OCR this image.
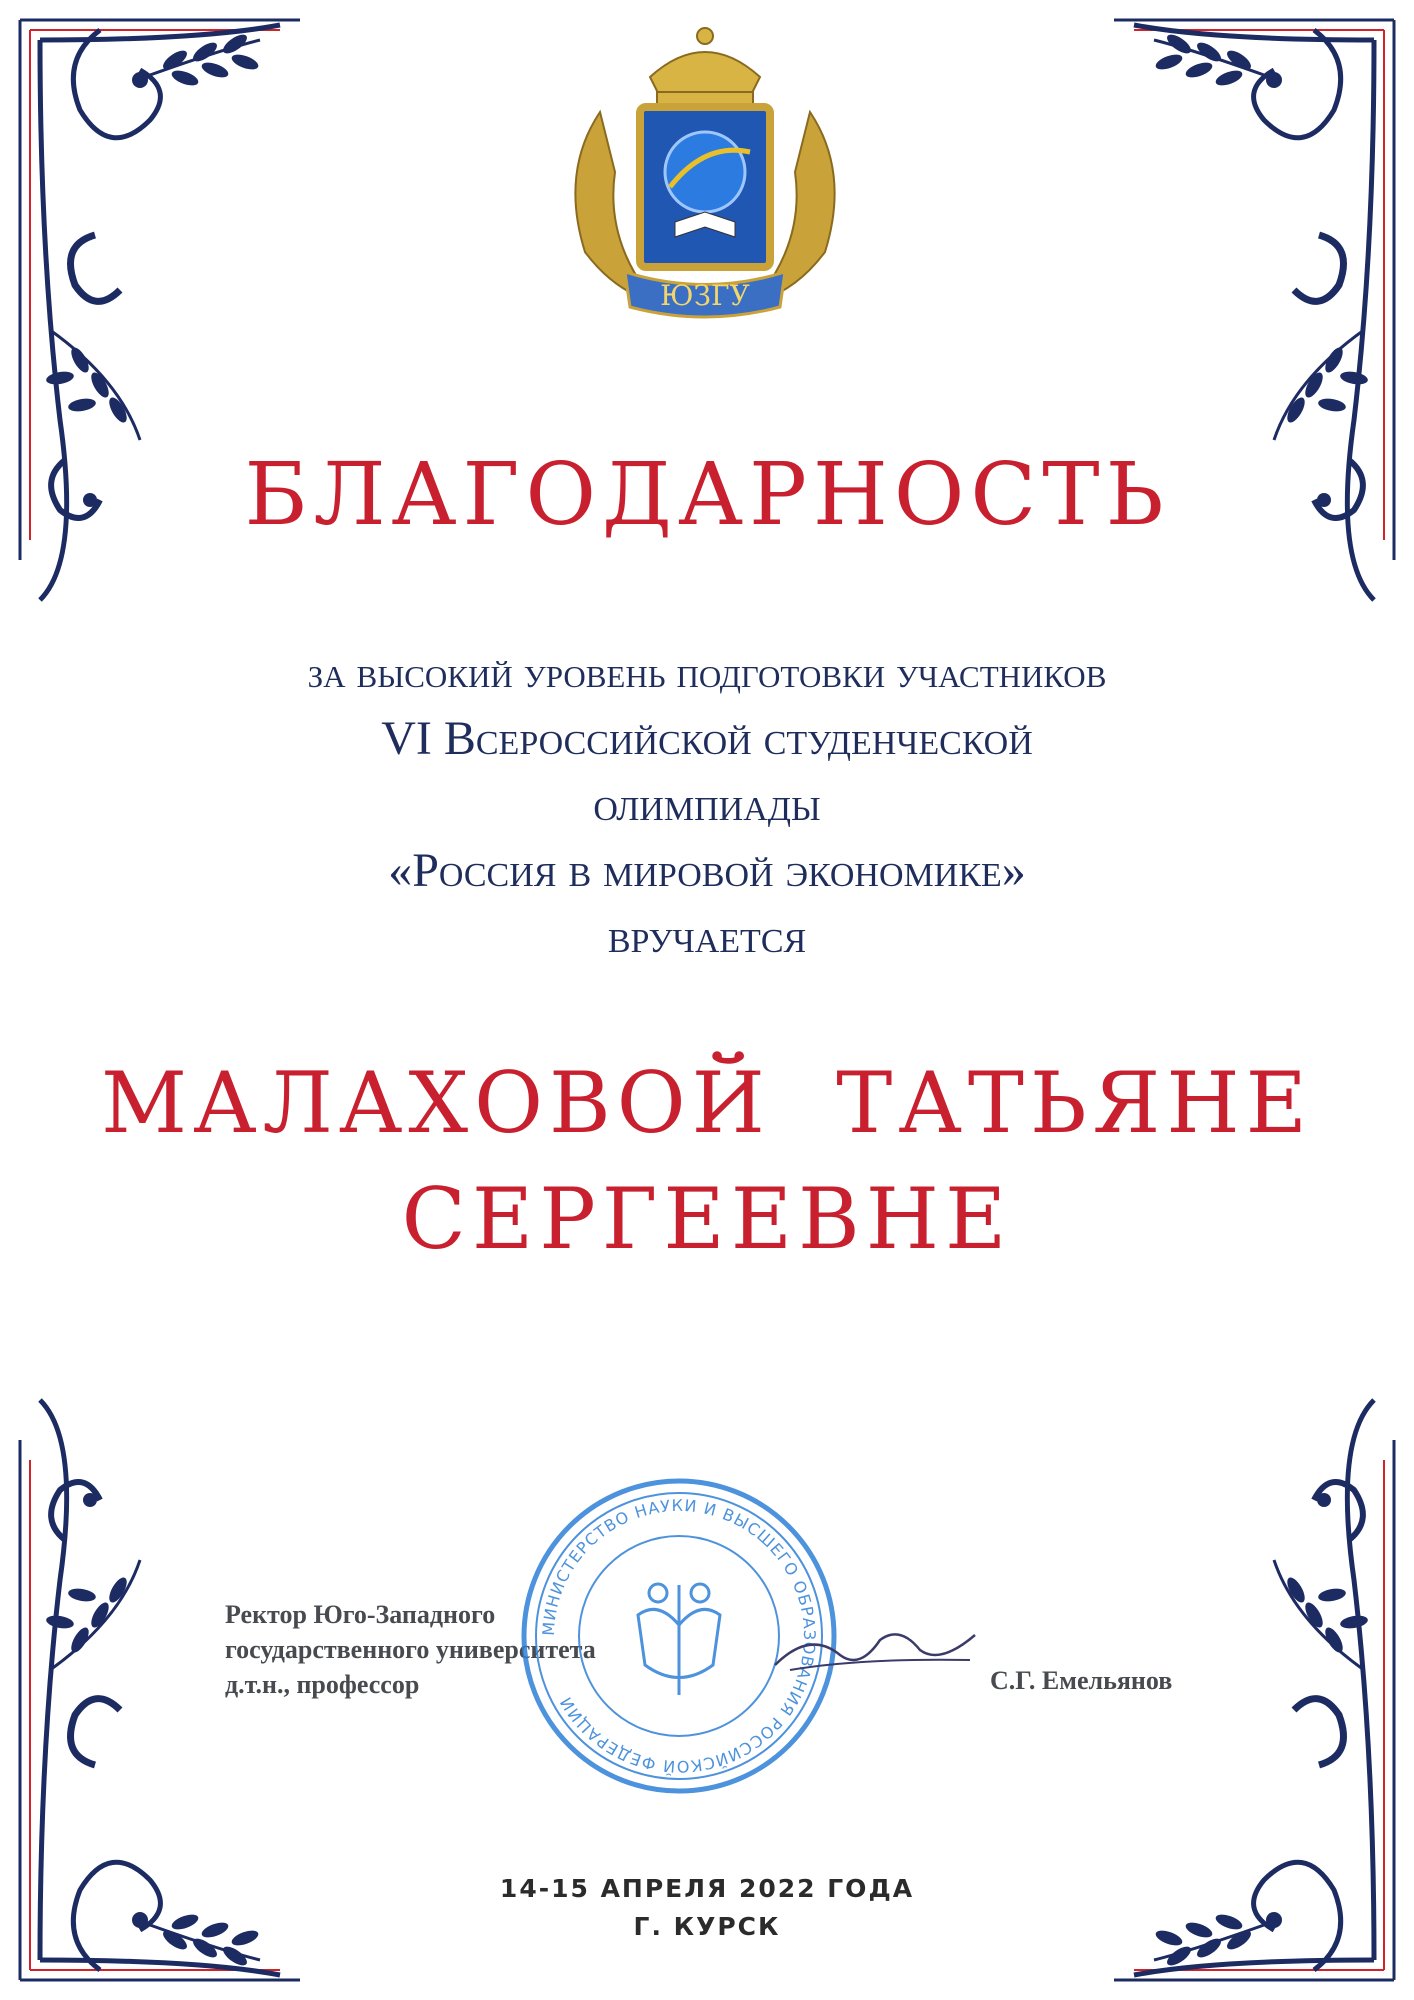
ЮЗГУ
БЛАГОДАРНОСТЬ
за высокий уровень подготовки участников
VI Всероссийской студенческой
олимпиады
«Россия в мировой экономике»
вручается
МАЛАХОВОЙ  ТАТЬЯНЕ
СЕРГЕЕВНЕ
Ректор Юго-Западного
государственного университета
д.т.н., профессор
МИНИСТЕРСТВО НАУКИ И ВЫСШЕГО ОБРАЗОВАНИЯ РОССИЙСКОЙ ФЕДЕРАЦИИ
С.Г. Емельянов
14-15 АПРЕЛЯ 2022 ГОДА
Г. КУРСК
